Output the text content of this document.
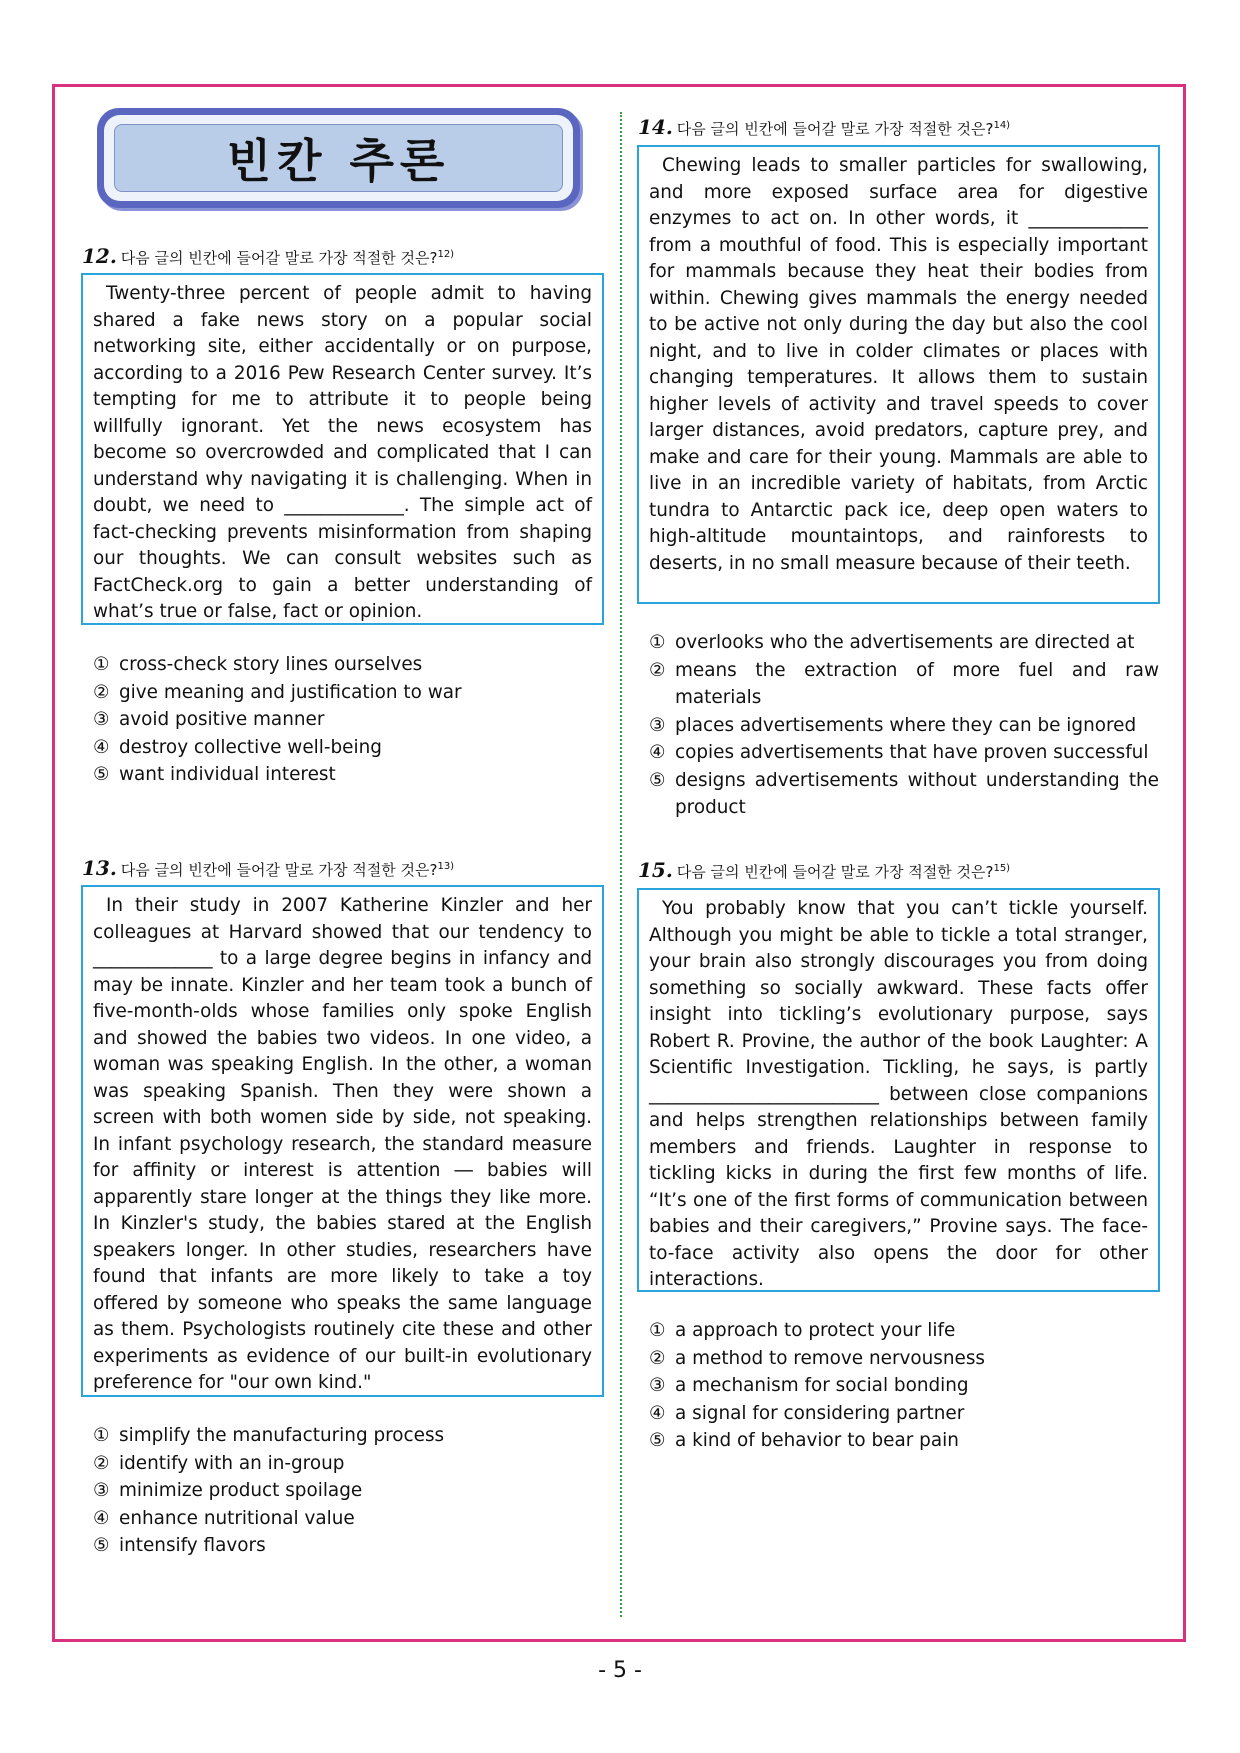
빈칸 추론
12. 다음 글의 빈칸에 들어갈 말로 가장 적절한 것은?$^{12)}$

Twenty-three percent of people admit to having shared a fake news story on a popular social networking site, either accidentally or on purpose, according to a 2016 Pew Research Center survey. It’s tempting for me to attribute it to people being willfully ignorant. Yet the news ecosystem has become so overcrowded and complicated that I can understand why navigating it is challenging. When in doubt, we need to _____________. The simple act of fact-checking prevents misinformation from shaping our thoughts. We can consult websites such as FactCheck.org to gain a better understanding of what’s true or false, fact or opinion.

① cross-check story lines ourselves
② give meaning and justification to war
③ avoid positive manner
④ destroy collective well-being
⑤ want individual interest
13. 다음 글의 빈칸에 들어갈 말로 가장 적절한 것은?$^{13)}$

In their study in 2007 Katherine Kinzler and her colleagues at Harvard showed that our tendency to _____________ to a large degree begins in infancy and may be innate. Kinzler and her team took a bunch of five-month-olds whose families only spoke English and showed the babies two videos. In one video, a woman was speaking English. In the other, a woman was speaking Spanish. Then they were shown a screen with both women side by side, not speaking. In infant psychology research, the standard measure for affinity or interest is attention ― babies will apparently stare longer at the things they like more. In Kinzler's study, the babies stared at the English speakers longer. In other studies, researchers have found that infants are more likely to take a toy offered by someone who speaks the same language as them. Psychologists routinely cite these and other experiments as evidence of our built-in evolutionary preference for "our own kind."

① simplify the manufacturing process
② identify with an in-group
③ minimize product spoilage
④ enhance nutritional value
⑤ intensify flavors
14. 다음 글의 빈칸에 들어갈 말로 가장 적절한 것은?$^{14)}$

Chewing leads to smaller particles for swallowing, and more exposed surface area for digestive enzymes to act on. In other words, it _____________ from a mouthful of food. This is especially important for mammals because they heat their bodies from within. Chewing gives mammals the energy needed to be active not only during the day but also the cool night, and to live in colder climates or places with changing temperatures. It allows them to sustain higher levels of activity and travel speeds to cover larger distances, avoid predators, capture prey, and make and care for their young. Mammals are able to live in an incredible variety of habitats, from Arctic tundra to Antarctic pack ice, deep open waters to high-altitude mountaintops, and rainforests to deserts, in no small measure because of their teeth.

① overlooks who the advertisements are directed at
② means the extraction of more fuel and raw materials
③ places advertisements where they can be ignored
④ copies advertisements that have proven successful
⑤ designs advertisements without understanding the product
15. 다음 글의 빈칸에 들어갈 말로 가장 적절한 것은?$^{15)}$

You probably know that you can’t tickle yourself. Although you might be able to tickle a total stranger, your brain also strongly discourages you from doing something so socially awkward. These facts offer insight into tickling’s evolutionary purpose, says Robert R. Provine, the author of the book Laughter: A Scientific Investigation. Tickling, he says, is partly _________________________ between close companions and helps strengthen relationships between family members and friends. Laughter in response to tickling kicks in during the first few months of life. “It’s one of the first forms of communication between babies and their caregivers,” Provine says. The face-to-face activity also opens the door for other interactions.

① a approach to protect your life
② a method to remove nervousness
③ a mechanism for social bonding
④ a signal for considering partner
⑤ a kind of behavior to bear pain
- 5 -
